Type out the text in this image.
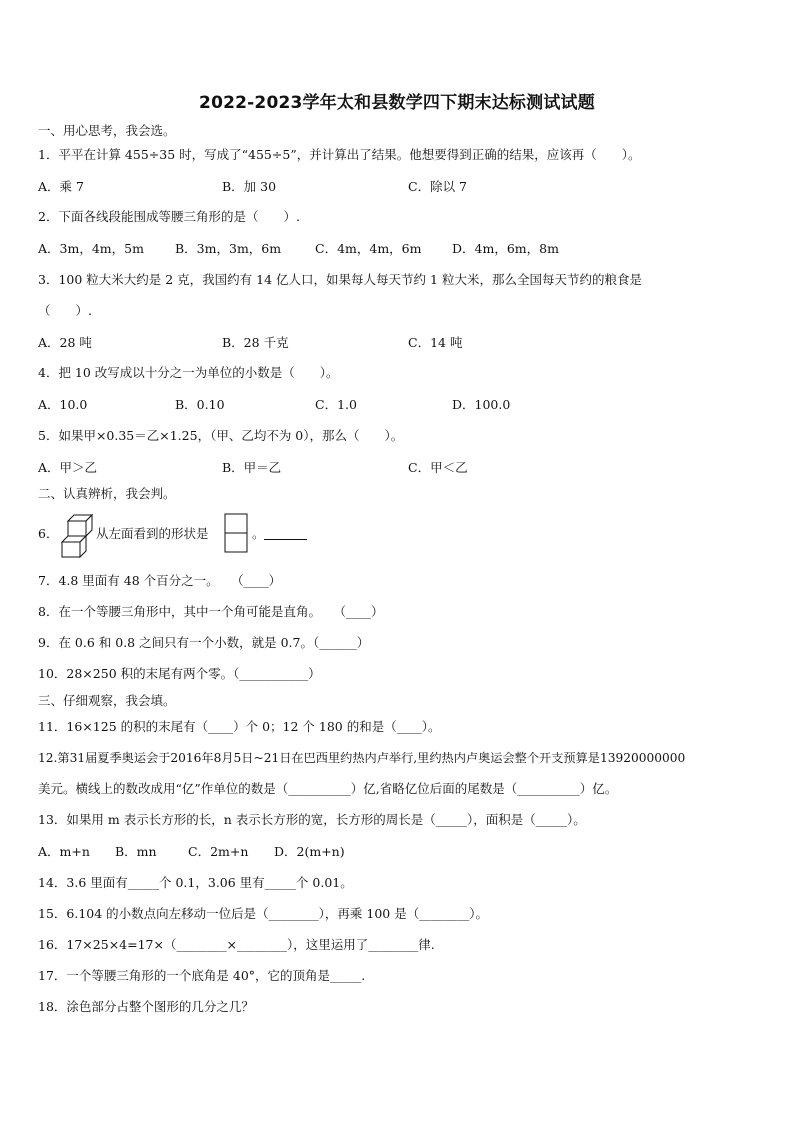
2022-2023学年太和县数学四下期末达标测试试题
一、用心思考，我会选。
1．平平在计算 455÷35 时，写成了“455÷5”，并计算出了结果。他想要得到正确的结果，应该再（　　）。
A．乘 7	B．加 30	C．除以 7
2．下面各线段能围成等腰三角形的是（　　）.
A．3m，4m，5m B．3m，3m，6m	C．4m，4m，6m D．4m，6m，8m
3．100 粒大米大约是 2 克，我国约有 14 亿人口，如果每人每天节约 1 粒大米，那么全国每天节约的粮食是
（　　）.
A．28 吨	B．28 千克	C．14 吨
4．把 10 改写成以十分之一为单位的小数是（　　）。
A．10.0	B．0.10	C．1.0	D．100.0
5．如果甲×0.35＝乙×1.25，（甲、乙均不为 0），那么（　　）。
A．甲＞乙	B．甲＝乙	C．甲＜乙
二、认真辨析，我会判。
6．	从左面看到的形状是	。
7．4.8 里面有 48 个百分之一。　　（____）
8．在一个等腰三角形中，其中一个角可能是直角。　　（____）
9．在 0.6 和 0.8 之间只有一个小数，就是 0.7。（______）
10．28×250 积的末尾有两个零。（___________）
三、仔细观察，我会填。
11．16×125 的积的末尾有（____）个 0；12 个 180 的和是（____）。
12.第31届夏季奥运会于2016年8月5日~21日在巴西里约热内卢举行,里约热内卢奥运会整个开支预算是13920000000
美元。横线上的数改成用“亿”作单位的数是（__________）亿,省略亿位后面的尾数是（__________）亿。
13．如果用 m 表示长方形的长，n 表示长方形的宽，长方形的周长是（_____），面积是（_____）。
A．m+n B．mn	C．2m+n D．2(m+n)
14．3.6 里面有_____个 0.1，3.06 里有_____个 0.01。
15．6.104 的小数点向左移动一位后是（________），再乘 100 是（________）。
16．17×25×4=17×（________×________），这里运用了________律.
17．一个等腰三角形的一个底角是 40°，它的顶角是_____.
18．涂色部分占整个图形的几分之几？
